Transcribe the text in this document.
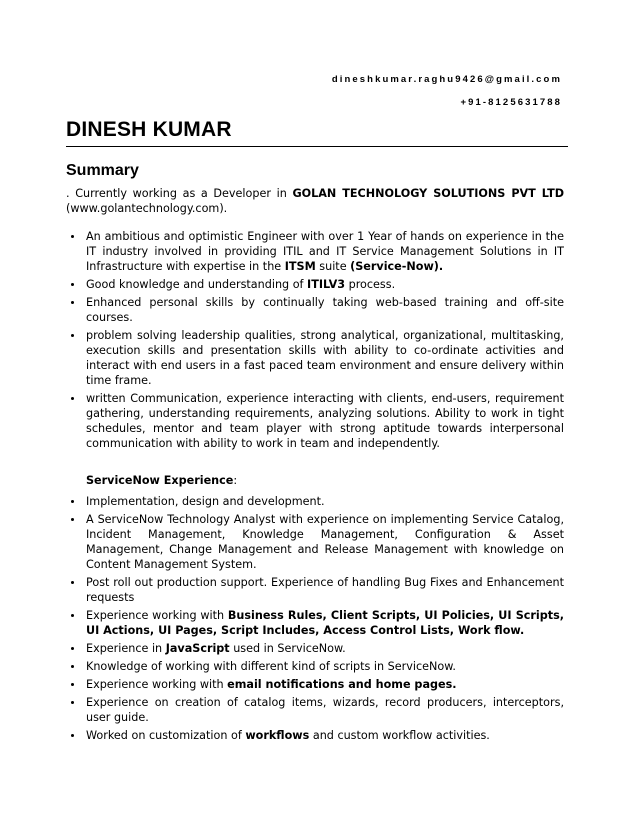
dineshkumar.raghu9426@gmail.com
+91-8125631788
DINESH KUMAR
Summary

. Currently working as a Developer in GOLAN TECHNOLOGY SOLUTIONS PVT LTD (www.golantechnology.com).

An ambitious and optimistic Engineer with over 1 Year of hands on experience in the IT industry involved in providing ITIL and IT Service Management Solutions in IT Infrastructure with expertise in the ITSM suite (Service-Now).
Good knowledge and understanding of ITILV3 process.
Enhanced personal skills by continually taking web-based training and off-site courses.
problem solving leadership qualities, strong analytical, organizational, multitasking, execution skills and presentation skills with ability to co-ordinate activities and interact with end users in a fast paced team environment and ensure delivery within time frame.
written Communication, experience interacting with clients, end-users, requirement gathering, understanding requirements, analyzing solutions. Ability to work in tight schedules, mentor and team player with strong aptitude towards interpersonal communication with ability to work in team and independently.
ServiceNow Experience:
Implementation, design and development.
A ServiceNow Technology Analyst with experience on implementing Service Catalog, Incident Management, Knowledge Management, Configuration & Asset Management, Change Management and Release Management with knowledge on Content Management System.
Post roll out production support. Experience of handling Bug Fixes and Enhancement requests
Experience working with Business Rules, Client Scripts, UI Policies, UI Scripts, UI Actions, UI Pages, Script Includes, Access Control Lists, Work flow.
Experience in JavaScript used in ServiceNow.
Knowledge of working with different kind of scripts in ServiceNow.
Experience working with email notifications and home pages.
Experience on creation of catalog items, wizards, record producers, interceptors, user guide.
Worked on customization of workflows and custom workflow activities.
